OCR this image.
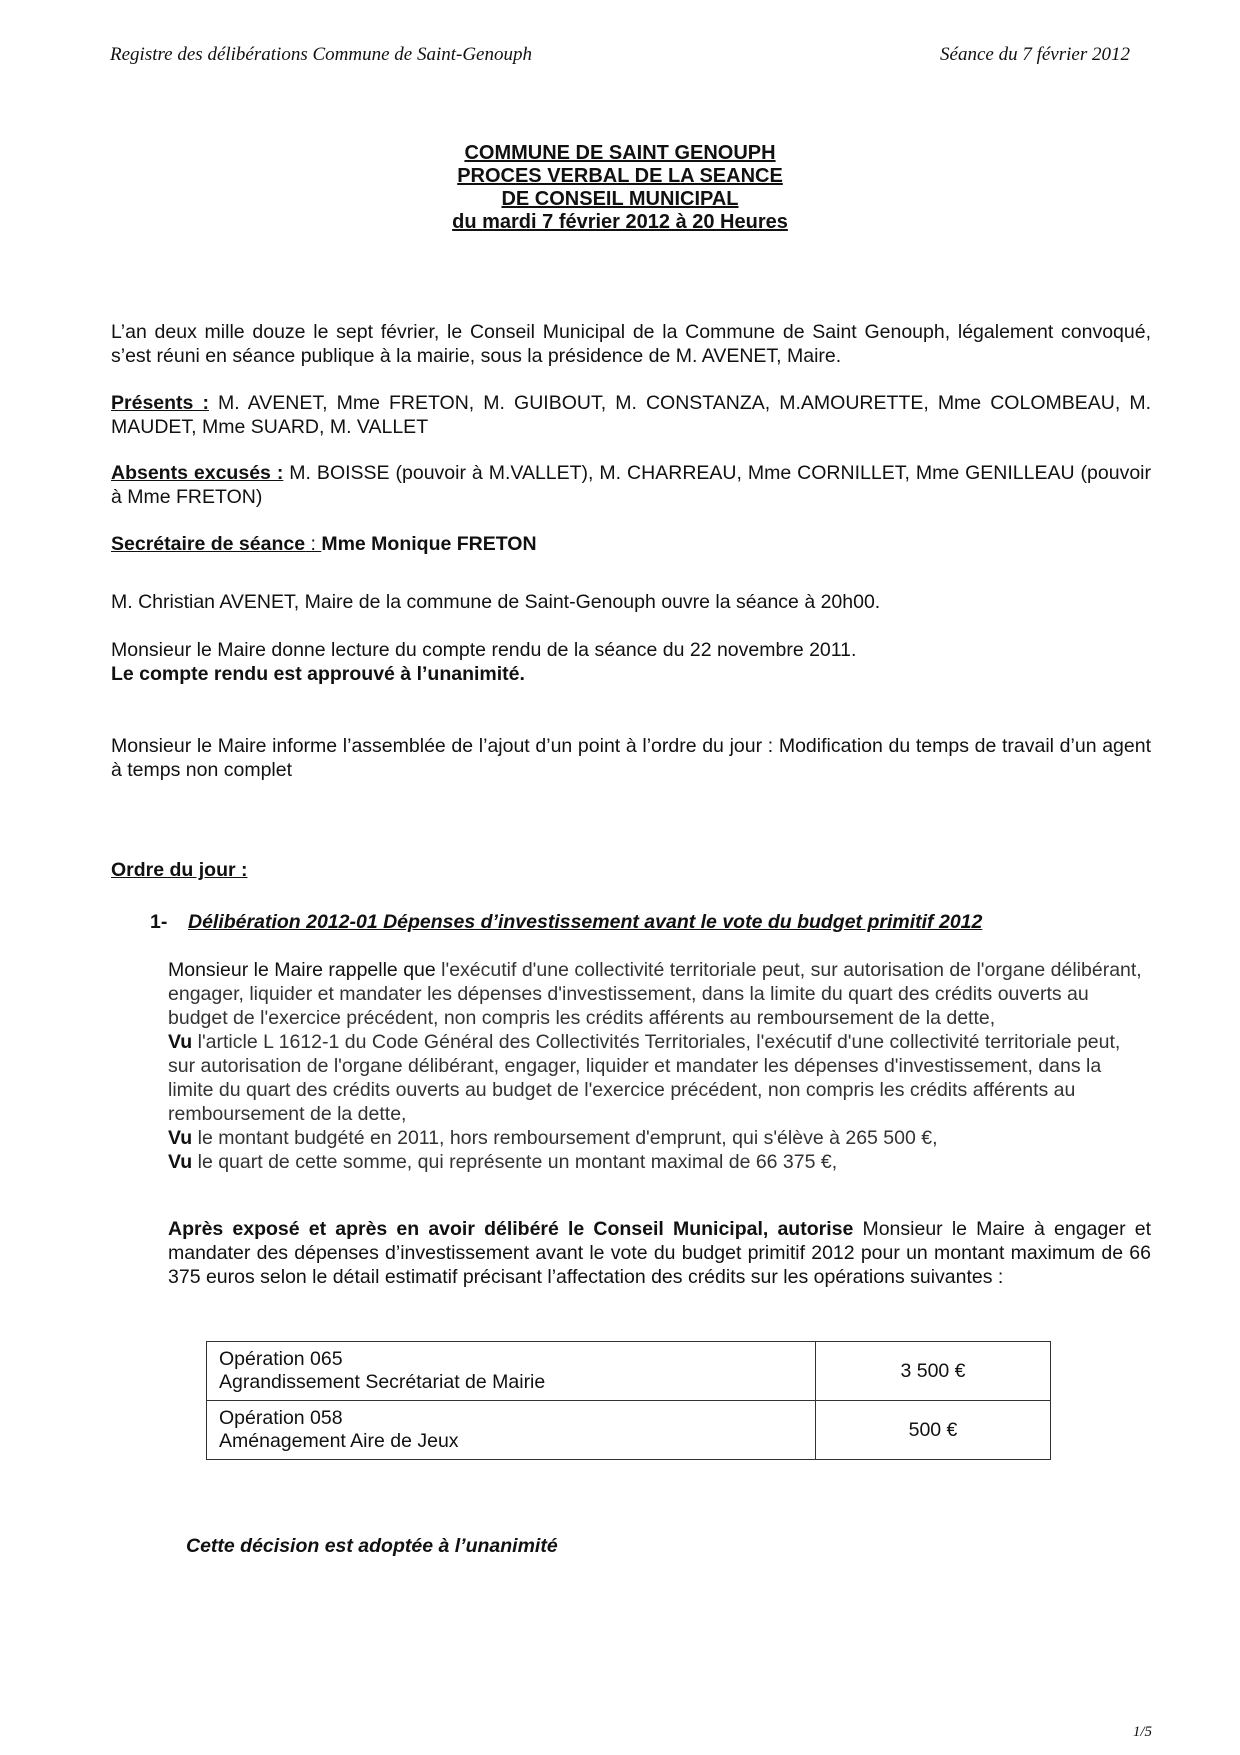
Registre des délibérations Commune de Saint-Genouph	Séance du 7 février 2012
COMMUNE DE SAINT GENOUPH
PROCES VERBAL DE LA SEANCE
DE CONSEIL MUNICIPAL
du mardi 7 février 2012 à 20 Heures
L’an deux mille douze le sept février, le Conseil Municipal de la Commune de Saint Genouph, légalement convoqué, s’est réuni en séance publique à la mairie, sous la présidence de M. AVENET, Maire.
Présents : M. AVENET, Mme FRETON, M. GUIBOUT, M. CONSTANZA, M.AMOURETTE, Mme COLOMBEAU, M. MAUDET, Mme SUARD, M. VALLET
Absents excusés : M. BOISSE (pouvoir à M.VALLET), M. CHARREAU, Mme CORNILLET, Mme GENILLEAU (pouvoir à Mme FRETON)
Secrétaire de séance : Mme Monique FRETON
M. Christian AVENET, Maire de la commune de Saint-Genouph ouvre la séance à 20h00.
Monsieur le Maire donne lecture du compte rendu de la séance du 22 novembre 2011.
Le compte rendu est approuvé à l’unanimité.
Monsieur le Maire informe l’assemblée de l’ajout d’un point à l’ordre du jour : Modification du temps de travail d’un agent à temps non complet
Ordre du jour :
1- Délibération 2012-01 Dépenses d’investissement avant le vote du budget primitif 2012
Monsieur le Maire rappelle que l'exécutif d'une collectivité territoriale peut, sur autorisation de l'organe délibérant, engager, liquider et mandater les dépenses d'investissement, dans la limite du quart des crédits ouverts au budget de l'exercice précédent, non compris les crédits afférents au remboursement de la dette,
Vu l'article L 1612-1 du Code Général des Collectivités Territoriales, l'exécutif d'une collectivité territoriale peut, sur autorisation de l'organe délibérant, engager, liquider et mandater les dépenses d'investissement, dans la limite du quart des crédits ouverts au budget de l'exercice précédent, non compris les crédits afférents au remboursement de la dette,
Vu le montant budgété en 2011, hors remboursement d'emprunt, qui s'élève à 265 500 €,
Vu le quart de cette somme, qui représente un montant maximal de 66 375 €,
Après exposé et après en avoir délibéré le Conseil Municipal, autorise Monsieur le Maire à engager et mandater des dépenses d’investissement avant le vote du budget primitif 2012 pour un montant maximum de 66 375 euros selon le détail estimatif précisant l’affectation des crédits sur les opérations suivantes :
Opération 065
Agrandissement Secrétariat de Mairie	3 500 €

Opération 058
Aménagement Aire de Jeux	500 €
Cette décision est adoptée à l’unanimité
1/5
